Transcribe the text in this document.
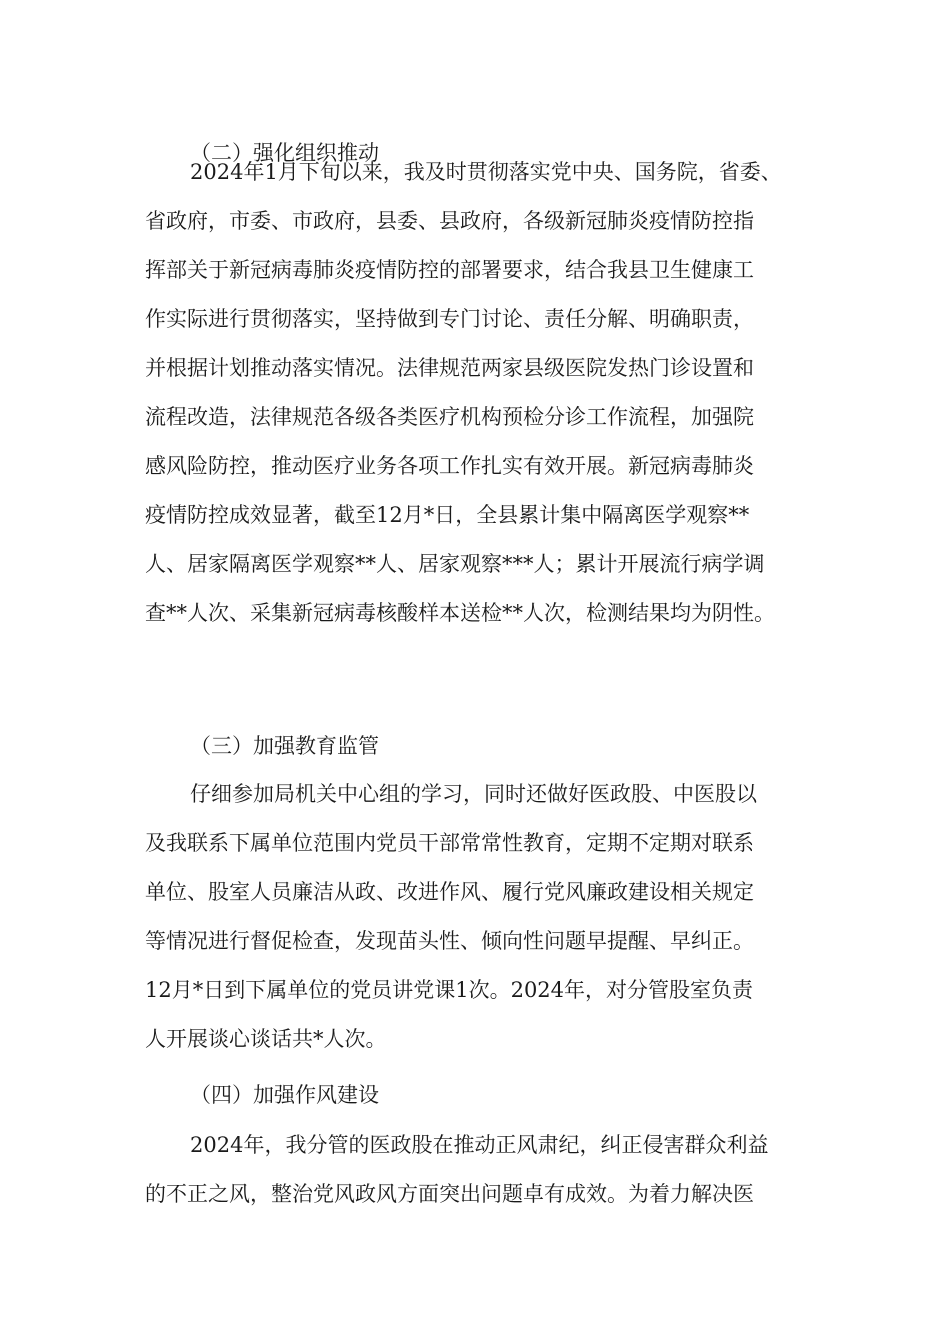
（二）强化组织推动
2024年1月下旬以来，我及时贯彻落实党中央、国务院，省委、
省政府，市委、市政府，县委、县政府，各级新冠肺炎疫情防控指
挥部关于新冠病毒肺炎疫情防控的部署要求，结合我县卫生健康工
作实际进行贯彻落实，坚持做到专门讨论、责任分解、明确职责，
并根据计划推动落实情况。法律规范两家县级医院发热门诊设置和
流程改造，法律规范各级各类医疗机构预检分诊工作流程，加强院
感风险防控，推动医疗业务各项工作扎实有效开展。新冠病毒肺炎
疫情防控成效显著，截至12月*日，全县累计集中隔离医学观察**
人、居家隔离医学观察**人、居家观察***人；累计开展流行病学调
查**人次、采集新冠病毒核酸样本送检**人次，检测结果均为阴性。
（三）加强教育监管
仔细参加局机关中心组的学习，同时还做好医政股、中医股以
及我联系下属单位范围内党员干部常常性教育，定期不定期对联系
单位、股室人员廉洁从政、改进作风、履行党风廉政建设相关规定
等情况进行督促检查，发现苗头性、倾向性问题早提醒、早纠正。
12月*日到下属单位的党员讲党课1次。2024年，对分管股室负责
人开展谈心谈话共*人次。
（四）加强作风建设
2024年，我分管的医政股在推动正风肃纪，纠正侵害群众利益
的不正之风，整治党风政风方面突出问题卓有成效。为着力解决医
